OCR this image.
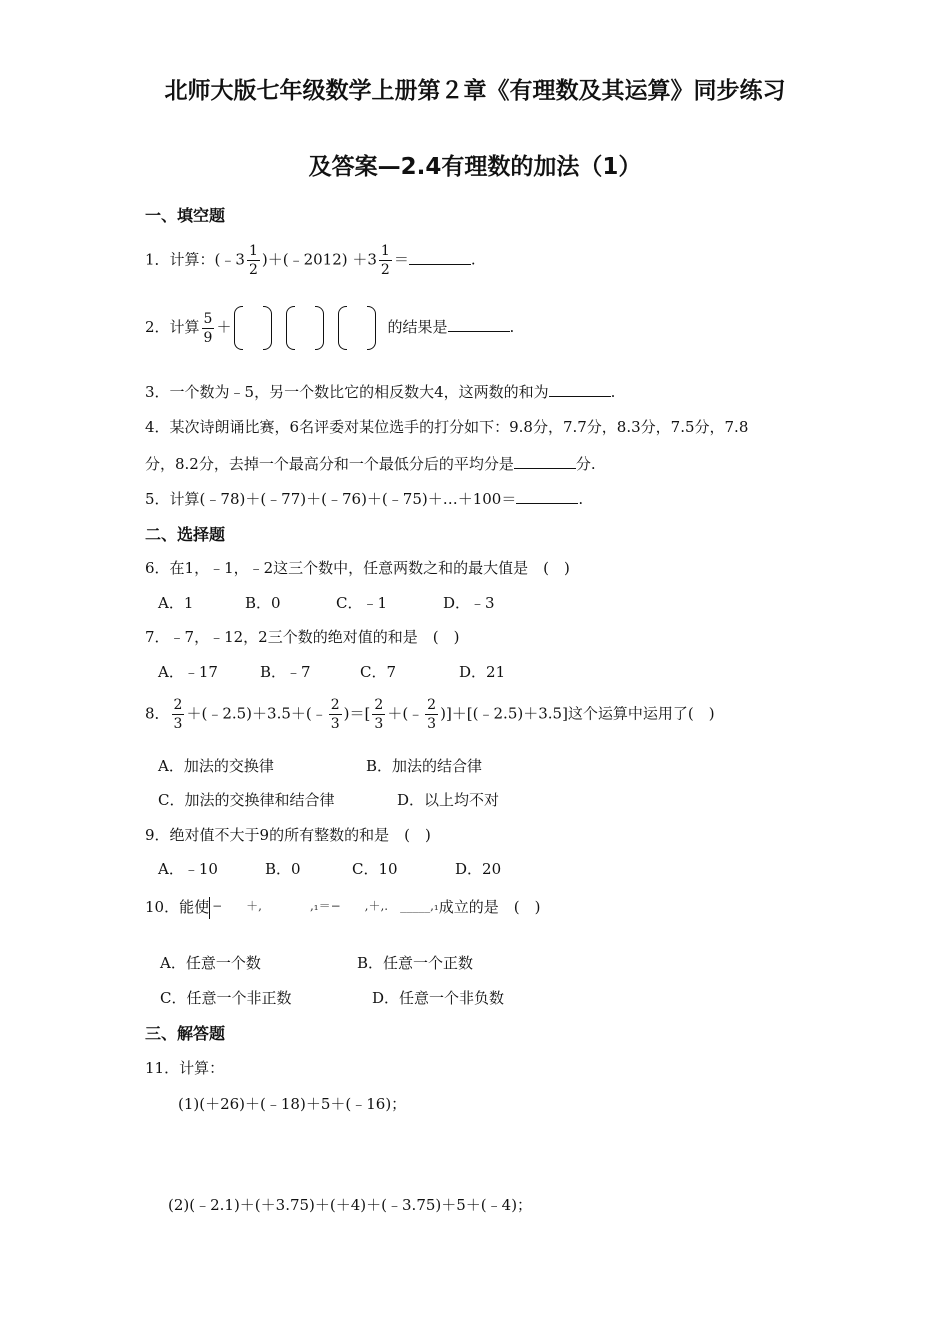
北师大版七年级数学上册第２章《有理数及其运算》同步练习
及答案—2.4有理数的加法（1）
一、填空题
1．计算：(﹣3 $\frac{1}{2}$ )＋(﹣2012) $+3 \frac{1}{2}$ ＝	.
2．计算 $\frac{5}{9}$ ＋	的结果是	.
3．一个数为﹣5，另一个数比它的相反数大4，这两数的和为	.
4．某次诗朗诵比赛，6名评委对某位选手的打分如下：9.8分，7.7分，8.3分，7.5分，7.8
分，8.2分，去掉一个最高分和一个最低分后的平均分是	分.
5．计算(﹣78)＋(﹣77)＋(﹣76)＋(﹣75)＋…＋100＝	.
二、选择题
6．在1，﹣1，﹣2这三个数中，任意两数之和的最大值是　(　)
A．1	B．0	C．﹣1	D．﹣3
7．﹣7，﹣12，2三个数的绝对值的和是　(　)
A．﹣17	B．﹣7	C．7	D．21
8． $\frac{2}{3}$ ＋(﹣2.5)＋3.5＋(﹣ $\frac{2}{3}$ )＝[ $\frac{2}{3}$ ＋(﹣ $\frac{2}{3}$ )]＋[(﹣2.5)＋3.5]这个运算中运用了(　)
A．加法的交换律	B．加法的结合律
C．加法的交换律和结合律	D．以上均不对
9．绝对值不大于9的所有整数的和是　(　)
A．﹣10	B．0	C．10	D．20
10．能使 −　　＋,　　　　,₁＝−　　,＋,.　_____,₁成立的是　(　)
A．任意一个数	B．任意一个正数
C．任意一个非正数	D．任意一个非负数
三、解答题
11．计算：
(1)(＋26)＋(﹣18)＋5＋(﹣16)；
(2)(﹣2.1)＋(＋3.75)＋(＋4)＋(﹣3.75)＋5＋(﹣4)；
